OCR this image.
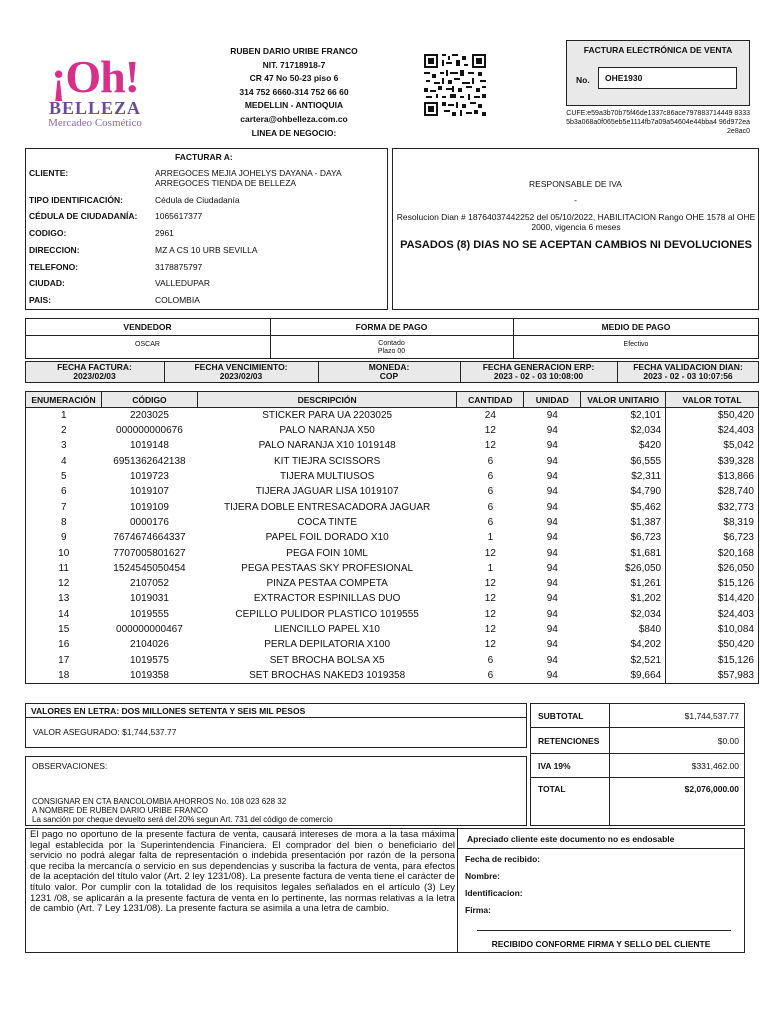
¡Oh!
BELLEZA
Mercadeo Cosmético
RUBEN DARIO URIBE FRANCO
NIT. 71718918-7
CR 47 No 50-23 piso 6
314 752 6660-314 752 66 60
MEDELLIN - ANTIOQUIA
cartera@ohbelleza.com.co
LINEA DE NEGOCIO:
FACTURA ELECTRÓNICA DE VENTA
No.	OHE1930
CUFE:e59a3b70b75f46de1337c86ace797883714449 83335b3a068a0f065eb5e1114fb7a09a54604e44bba4 96d972ea2e8ac0
FACTURAR A:
CLIENTE:	ARREGOCES MEJIA JOHELYS DAYANA - DAYA ARREGOCES TIENDA DE BELLEZA
TIPO IDENTIFICACIÓN:	Cédula de Ciudadanía
CÉDULA DE CIUDADANÍA: 1065617377
CODIGO:	2961
DIRECCION:	MZ A CS 10 URB SEVILLA
TELEFONO:	3178875797
CIUDAD:	VALLEDUPAR
PAIS:	COLOMBIA
RESPONSABLE DE IVA
-
Resolucion Dian # 18764037442252 del 05/10/2022, HABILITACION Rango OHE 1578 al OHE 2000, vigencia 6 meses
PASADOS (8) DIAS NO SE ACEPTAN CAMBIOS NI DEVOLUCIONES
VENDEDOR	FORMA DE PAGO	MEDIO DE PAGO
OSCAR	Contado
Plazo 00
Efectivo
FECHA FACTURA:
2023/02/03
FECHA VENCIMIENTO:
2023/02/03
MONEDA:
COP
FECHA GENERACION ERP:
2023 - 02 - 03 10:08:00
FECHA VALIDACION DIAN:
2023 - 02 - 03 10:07:56
ENUMERACIÓN	CÓDIGO	DESCRIPCIÓN	CANTIDAD	UNIDAD	VALOR UNITARIO	VALOR TOTAL
1	2203025	STICKER PARA UA 2203025	24	94	$2,101	$50,420
2	000000000676	PALO NARANJA X50	12	94	$2,034	$24,403
3	1019148	PALO NARANJA X10 1019148	12	94	$420	$5,042
4	6951362642138	KIT TIEJRA SCISSORS	6	94	$6,555	$39,328
5	1019723	TIJERA MULTIUSOS	6	94	$2,311	$13,866
6	1019107	TIJERA JAGUAR LISA 1019107	6	94	$4,790	$28,740
7	1019109	TIJERA DOBLE ENTRESACADORA JAGUAR	6	94	$5,462	$32,773
8	0000176	COCA TINTE	6	94	$1,387	$8,319
9	7674674664337	PAPEL FOIL DORADO X10	1	94	$6,723	$6,723
10	7707005801627	PEGA FOIN 10ML	12	94	$1,681	$20,168
11	1524545050454	PEGA PESTAAS SKY PROFESIONAL	1	94	$26,050	$26,050
12	2107052	PINZA PESTAA COMPETA	12	94	$1,261	$15,126
13	1019031	EXTRACTOR ESPINILLAS DUO	12	94	$1,202	$14,420
14	1019555	CEPILLO PULIDOR PLASTICO 1019555	12	94	$2,034	$24,403
15	000000000467	LIENCILLO PAPEL X10	12	94	$840	$10,084
16	2104026	PERLA DEPILATORIA X100	12	94	$4,202	$50,420
17	1019575	SET BROCHA BOLSA X5	6	94	$2,521	$15,126
18	1019358	SET BROCHAS NAKED3 1019358	6	94	$9,664	$57,983
VALORES EN LETRA: DOS MILLONES SETENTA Y SEIS MIL PESOS
VALOR ASEGURADO: $1,744,537.77
OBSERVACIONES:
CONSIGNAR EN CTA BANCOLOMBIA AHORROS No. 108 023 628 32
A NOMBRE DE RUBEN DARIO URIBE FRANCO
La sanción por cheque devuelto será del 20% segun Art. 731 del código de comercio
El pago no oportuno de la presente factura de venta, causará intereses de mora a la tasa máxima legal establecida por la Superintendencia Financiera. El comprador del bien o beneficiario del servicio no podrá alegar falta de representación o indebida presentación por razón de la persona que reciba la mercancía o servicio en sus dependencias y suscriba la factura de venta, para efectos de la aceptación del título valor (Art. 2 ley 1231/08). La presente factura de venta tiene el carácter de título valor. Por cumplir con la totalidad de los requisitos legales señalados en el artículo (3) Ley 1231 /08, se aplicarán a la presente factura de venta en lo pertinente, las normas relativas a la letra de cambio (Art. 7 Ley 1231/08). La presente factura se asimila a una letra de cambio.
SUBTOTAL	$1,744,537.77
RETENCIONES	$0.00
IVA 19%	$331,462.00
TOTAL	$2,076,000.00
Apreciado cliente este documento no es endosable
Fecha de recibido:
Nombre:
Identificacion:
Firma:
RECIBIDO CONFORME FIRMA Y SELLO DEL CLIENTE
